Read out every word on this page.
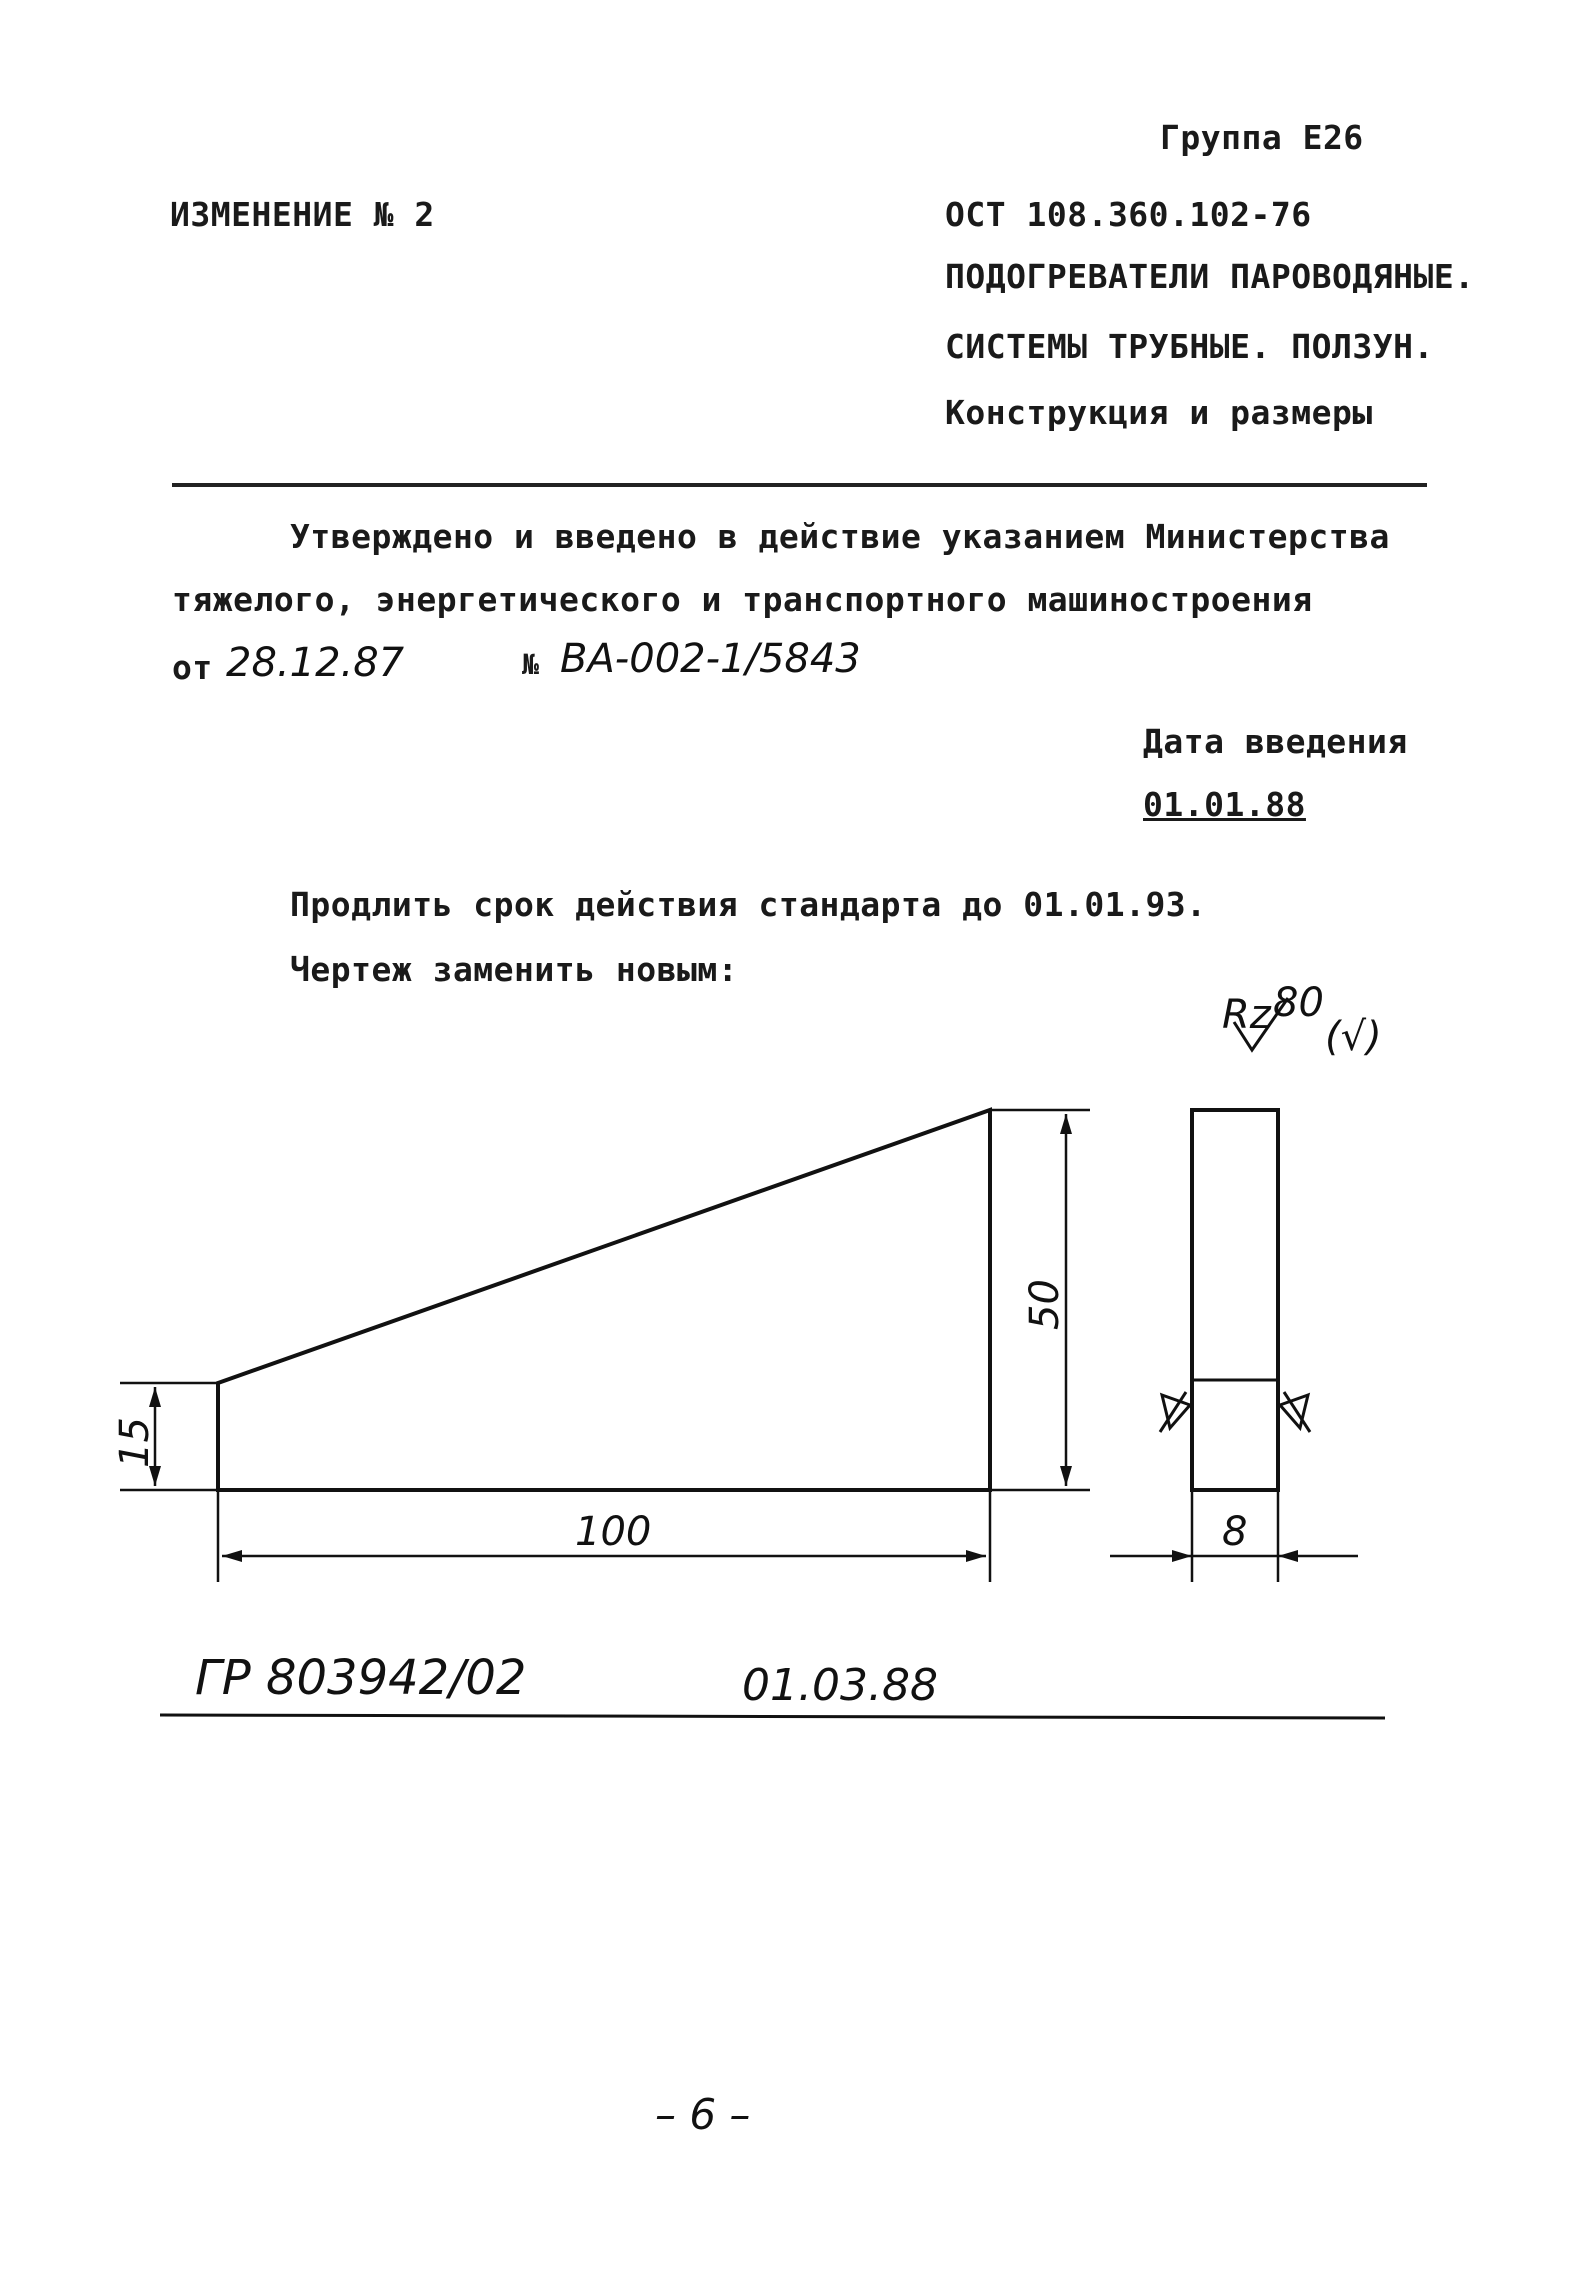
Группа Е26
ИЗМЕНЕНИЕ № 2	ОСТ 108.360.102-76
ПОДОГРЕВАТЕЛИ ПАРОВОДЯНЫЕ.
СИСТЕМЫ ТРУБНЫЕ. ПОЛЗУН.
Конструкция и размеры
Утверждено и введено в действие указанием Министерства
тяжелого, энергетического и транспортного машиностроения
от 28.12.87	№ ВА-002-1/5843
Дата введения
01.01.88
Продлить срок действия стандарта до 01.01.93.
Чертеж заменить новым:
Rz 80
(√)
100
50
15
8
ГР 803942/02	01.03.88
– 6 –
